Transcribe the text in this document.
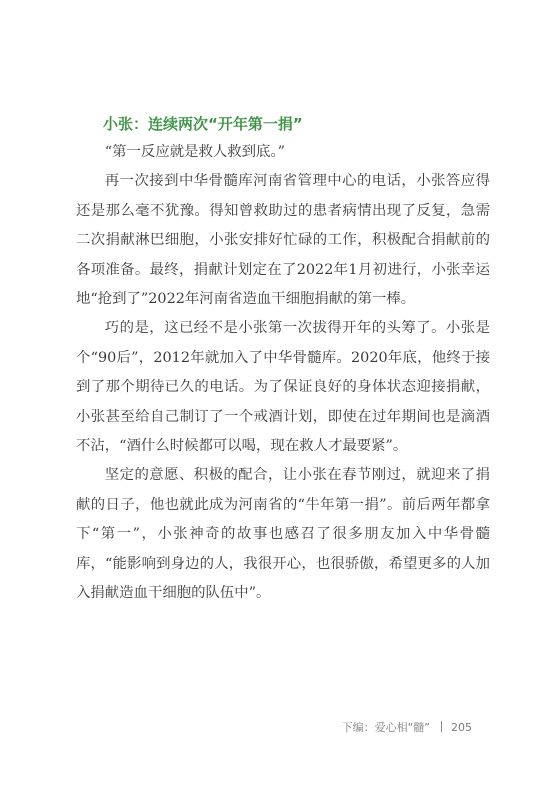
小张：连续两次“开年第一捐”

“第一反应就是救人救到底。”

再一次接到中华骨髓库河南省管理中心的电话，小张答应得还是那么毫不犹豫。得知曾救助过的患者病情出现了反复，急需二次捐献淋巴细胞，小张安排好忙碌的工作，积极配合捐献前的各项准备。最终，捐献计划定在了2022年1月初进行，小张幸运地“抢到了”2022年河南省造血干细胞捐献的第一棒。

巧的是，这已经不是小张第一次拔得开年的头筹了。小张是个“90后”，2012年就加入了中华骨髓库。2020年底，他终于接到了那个期待已久的电话。为了保证良好的身体状态迎接捐献，小张甚至给自己制订了一个戒酒计划，即使在过年期间也是滴酒不沾，“酒什么时候都可以喝，现在救人才最要紧”。

坚定的意愿、积极的配合，让小张在春节刚过，就迎来了捐献的日子，他也就此成为河南省的“牛年第一捐”。前后两年都拿下“第一”，小张神奇的故事也感召了很多朋友加入中华骨髓库，“能影响到身边的人，我很开心，也很骄傲，希望更多的人加入捐献造血干细胞的队伍中”。

下编：爱心相“髓” 205
